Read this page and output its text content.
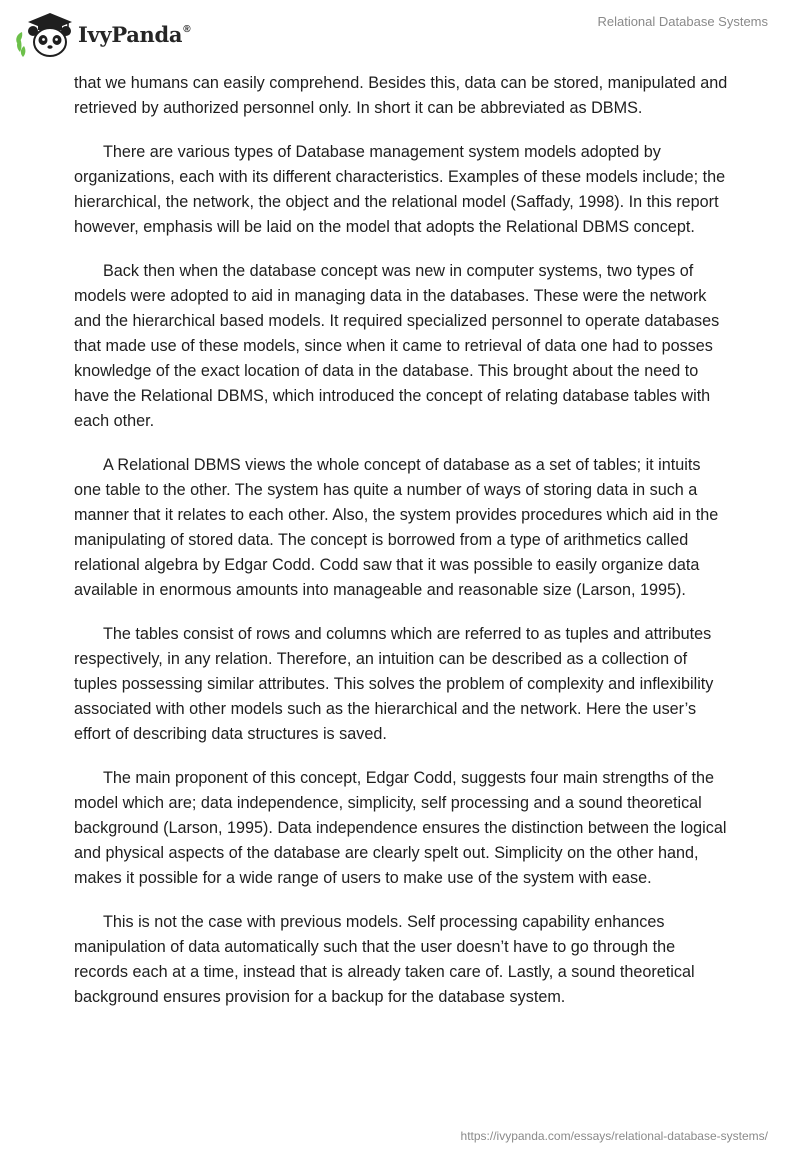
IvyPanda®	Relational Database Systems

that we humans can easily comprehend. Besides this, data can be stored, manipulated and retrieved by authorized personnel only. In short it can be abbreviated as DBMS.

There are various types of Database management system models adopted by organizations, each with its different characteristics. Examples of these models include; the hierarchical, the network, the object and the relational model (Saffady, 1998). In this report however, emphasis will be laid on the model that adopts the Relational DBMS concept.

Back then when the database concept was new in computer systems, two types of models were adopted to aid in managing data in the databases. These were the network and the hierarchical based models. It required specialized personnel to operate databases that made use of these models, since when it came to retrieval of data one had to posses knowledge of the exact location of data in the database. This brought about the need to have the Relational DBMS, which introduced the concept of relating database tables with each other.

A Relational DBMS views the whole concept of database as a set of tables; it intuits one table to the other. The system has quite a number of ways of storing data in such a manner that it relates to each other. Also, the system provides procedures which aid in the manipulating of stored data. The concept is borrowed from a type of arithmetics called relational algebra by Edgar Codd. Codd saw that it was possible to easily organize data available in enormous amounts into manageable and reasonable size (Larson, 1995).

The tables consist of rows and columns which are referred to as tuples and attributes respectively, in any relation. Therefore, an intuition can be described as a collection of tuples possessing similar attributes. This solves the problem of complexity and inflexibility associated with other models such as the hierarchical and the network. Here the user’s effort of describing data structures is saved.

The main proponent of this concept, Edgar Codd, suggests four main strengths of the model which are; data independence, simplicity, self processing and a sound theoretical background (Larson, 1995). Data independence ensures the distinction between the logical and physical aspects of the database are clearly spelt out. Simplicity on the other hand, makes it possible for a wide range of users to make use of the system with ease.

This is not the case with previous models. Self processing capability enhances manipulation of data automatically such that the user doesn’t have to go through the records each at a time, instead that is already taken care of. Lastly, a sound theoretical background ensures provision for a backup for the database system.

https://ivypanda.com/essays/relational-database-systems/
